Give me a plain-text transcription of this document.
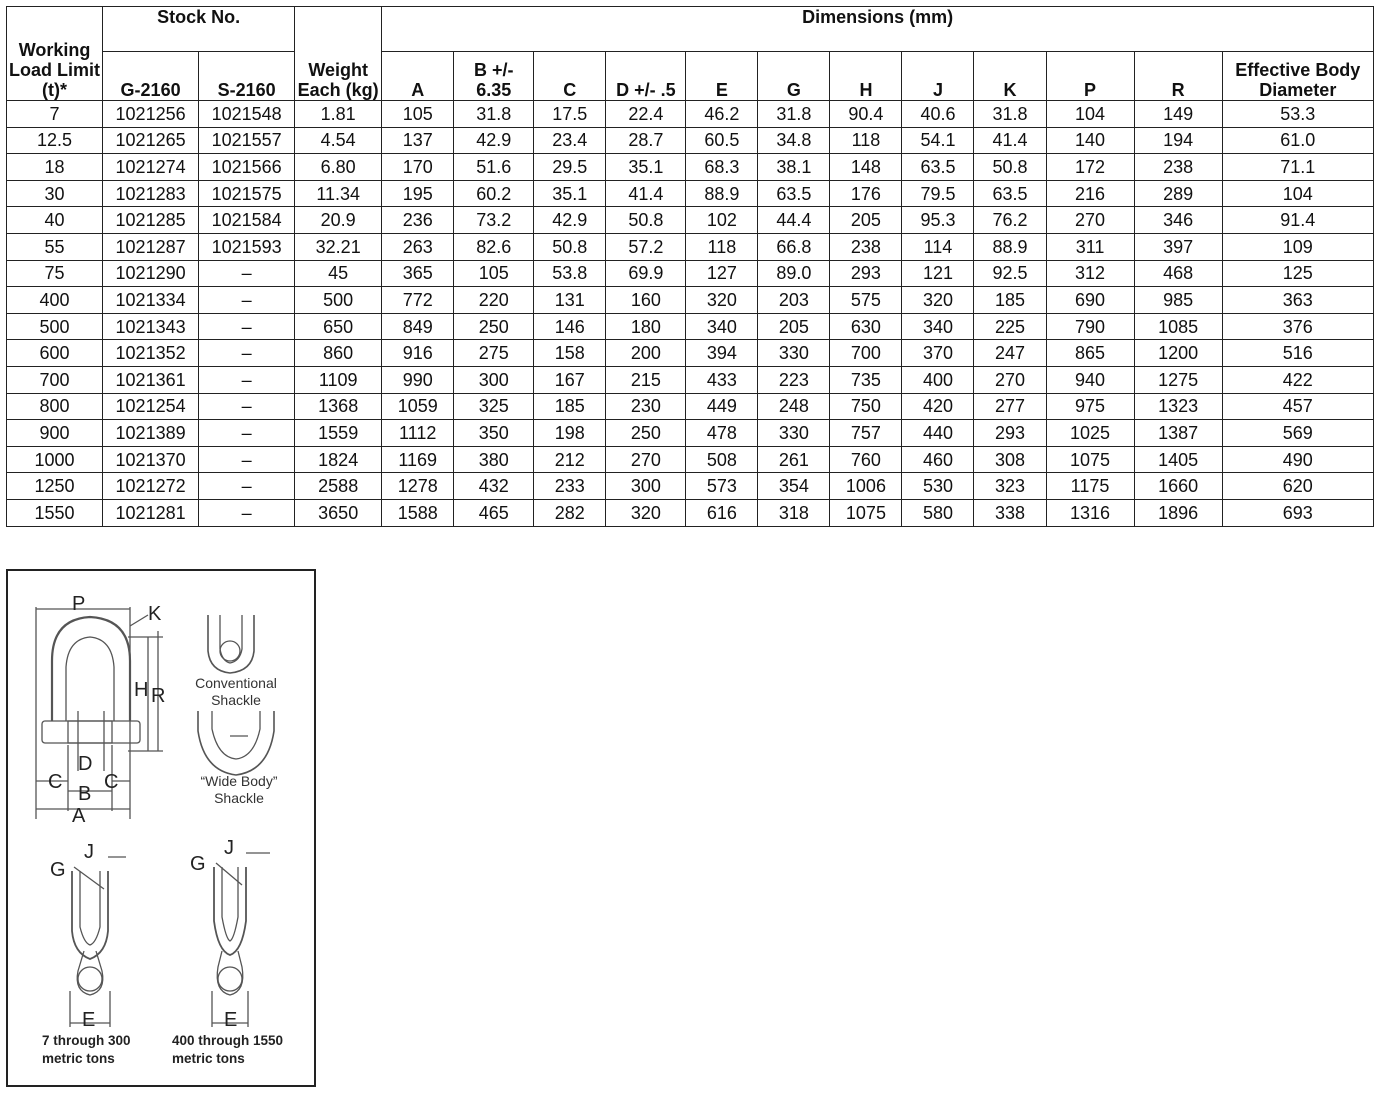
Working Load Limit (t)*	Stock No.		Weight Each (kg)	Dimensions (mm)											
	G-2160	S-2160		A	B +/- 6.35	C	D +/- .5	E	G	H	J	K	P	R	Effective Body Diameter
7	1021256	1021548	1.81	105	31.8	17.5	22.4	46.2	31.8	90.4	40.6	31.8	104	149	53.3
12.5	1021265	1021557	4.54	137	42.9	23.4	28.7	60.5	34.8	118	54.1	41.4	140	194	61.0
18	1021274	1021566	6.80	170	51.6	29.5	35.1	68.3	38.1	148	63.5	50.8	172	238	71.1
30	1021283	1021575	11.34	195	60.2	35.1	41.4	88.9	63.5	176	79.5	63.5	216	289	104
40	1021285	1021584	20.9	236	73.2	42.9	50.8	102	44.4	205	95.3	76.2	270	346	91.4
55	1021287	1021593	32.21	263	82.6	50.8	57.2	118	66.8	238	114	88.9	311	397	109
75	1021290	–	45	365	105	53.8	69.9	127	89.0	293	121	92.5	312	468	125
400	1021334	–	500	772	220	131	160	320	203	575	320	185	690	985	363
500	1021343	–	650	849	250	146	180	340	205	630	340	225	790	1085	376
600	1021352	–	860	916	275	158	200	394	330	700	370	247	865	1200	516
700	1021361	–	1109	990	300	167	215	433	223	735	400	270	940	1275	422
800	1021254	–	1368	1059	325	185	230	449	248	750	420	277	975	1323	457
900	1021389	–	1559	1112	350	198	250	478	330	757	440	293	1025	1387	569
1000	1021370	–	1824	1169	380	212	270	508	261	760	460	308	1075	1405	490
1250	1021272	–	2588	1278	432	233	300	573	354	1006	530	323	1175	1660	620
1550	1021281	–	3650	1588	465	282	320	616	318	1075	580	338	1316	1896	693
P	K
H R
D
C C
B
A
Conventional Shackle
“Wide Body” Shackle
G
J
E
G
J
E
7 through 300 metric tons
400 through 1550 metric tons
